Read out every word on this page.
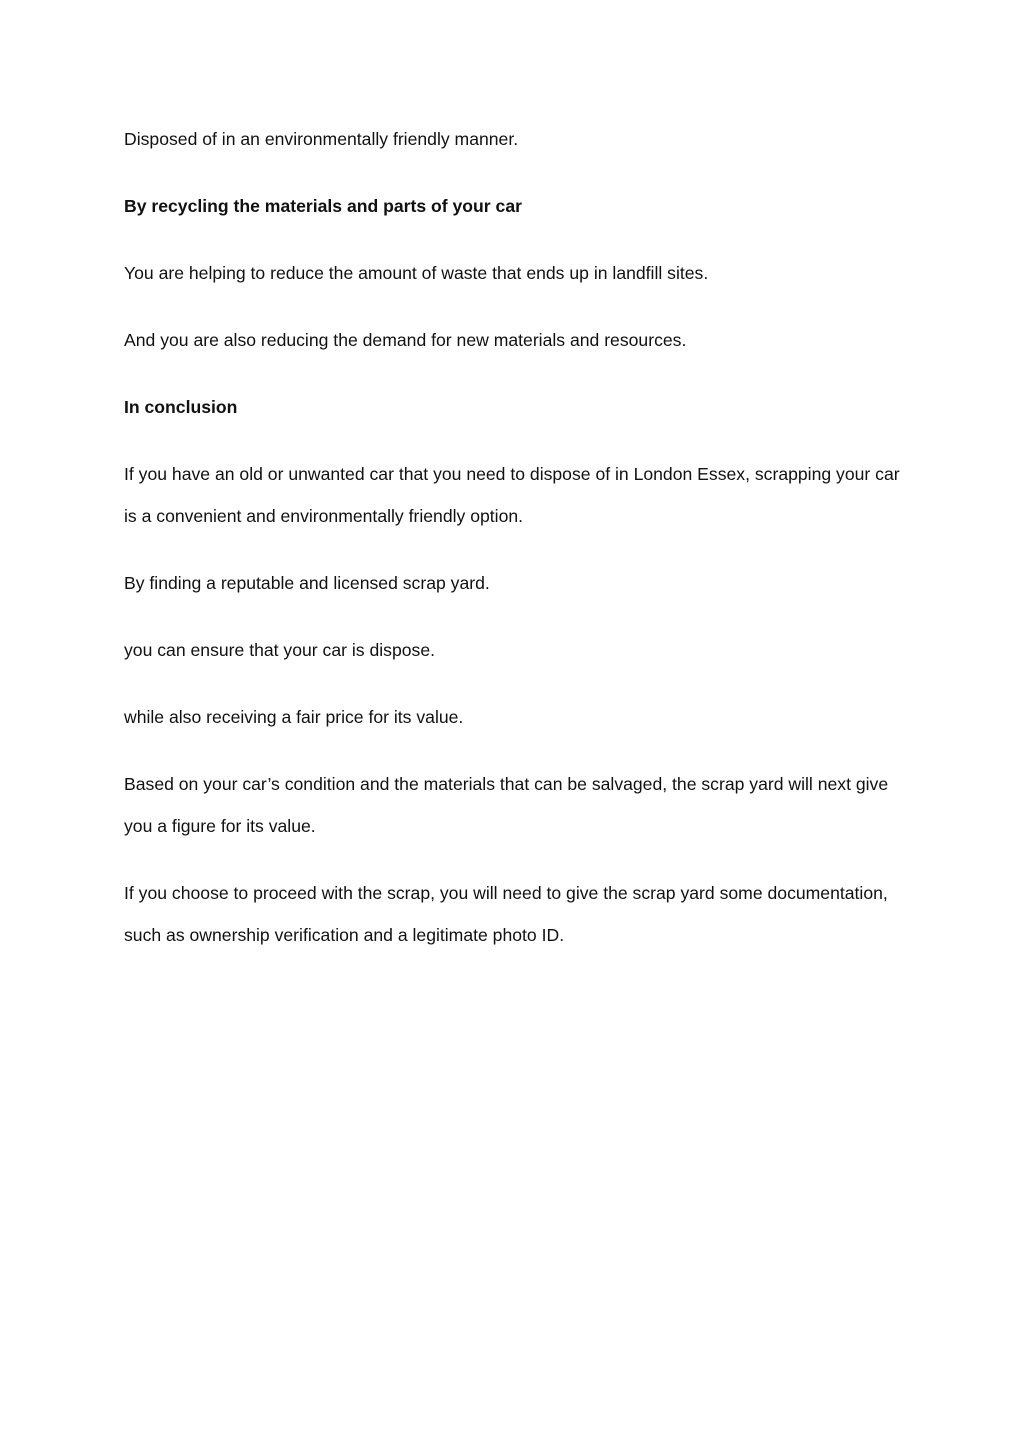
Disposed of in an environmentally friendly manner.

By recycling the materials and parts of your car

You are helping to reduce the amount of waste that ends up in landfill sites.

And you are also reducing the demand for new materials and resources.

In conclusion

If you have an old or unwanted car that you need to dispose of in London Essex, scrapping your car is a convenient and environmentally friendly option.

By finding a reputable and licensed scrap yard.

you can ensure that your car is dispose.

while also receiving a fair price for its value.

Based on your car’s condition and the materials that can be salvaged, the scrap yard will next give you a figure for its value.

If you choose to proceed with the scrap, you will need to give the scrap yard some documentation, such as ownership verification and a legitimate photo ID.
